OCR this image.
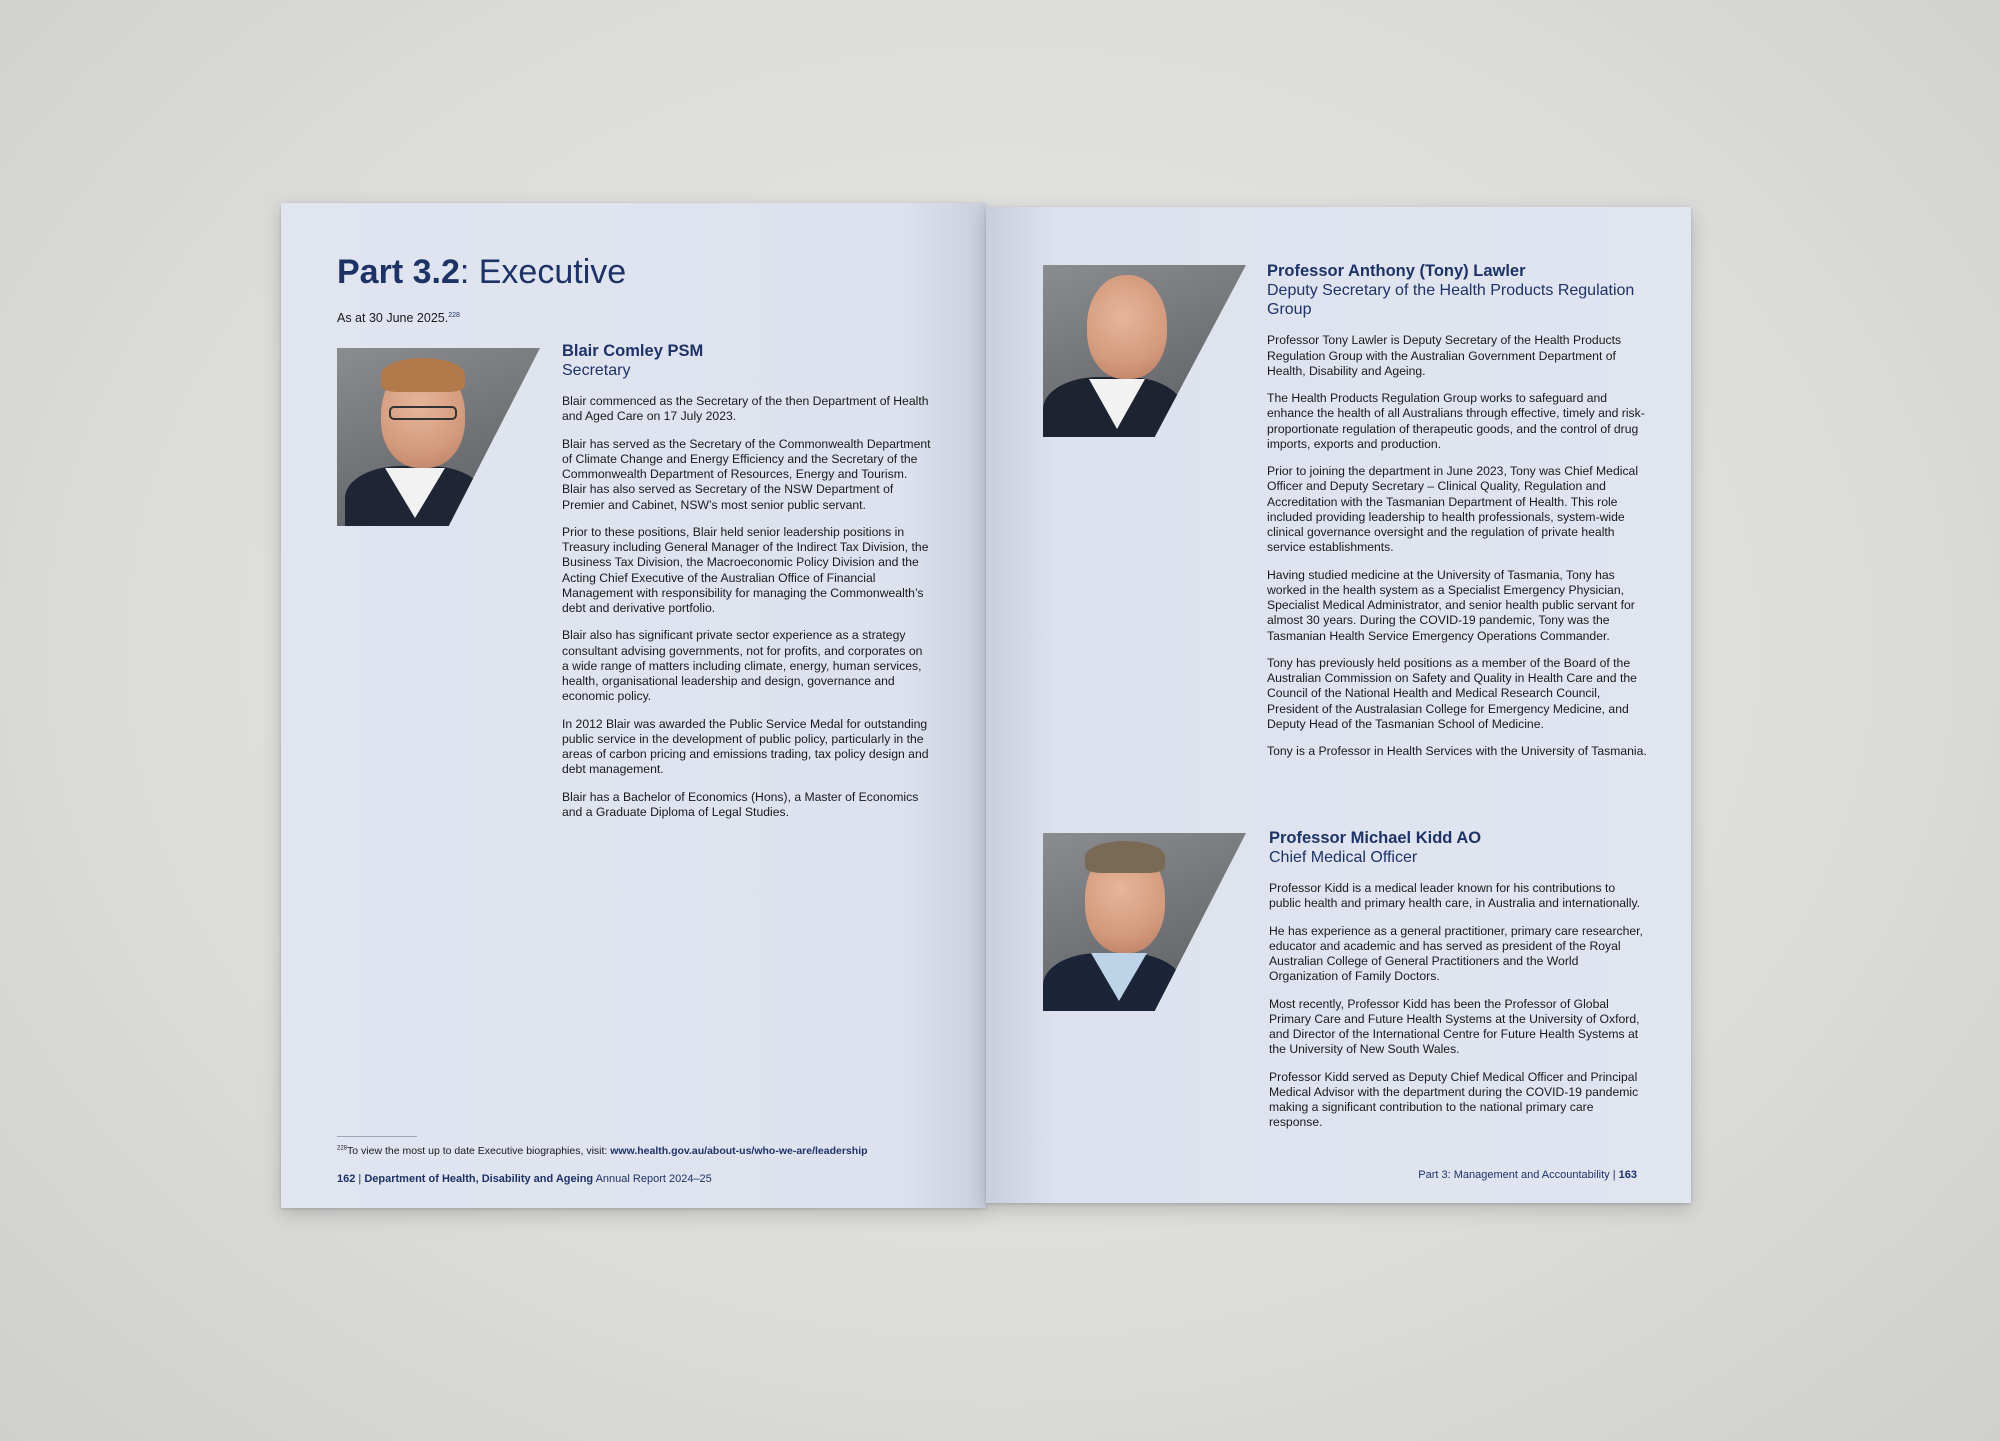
Part 3.2: Executive
As at 30 June 2025.$^{228}$
Blair Comley PSM
Secretary

Blair commenced as the Secretary of the then Department of Health and Aged Care on 17 July 2023.

Blair has served as the Secretary of the Commonwealth Department of Climate Change and Energy Efficiency and the Secretary of the Commonwealth Department of Resources, Energy and Tourism. Blair has also served as Secretary of the NSW Department of Premier and Cabinet, NSW’s most senior public servant.

Prior to these positions, Blair held senior leadership positions in Treasury including General Manager of the Indirect Tax Division, the Business Tax Division, the Macroeconomic Policy Division and the Acting Chief Executive of the Australian Office of Financial Management with responsibility for managing the Commonwealth’s debt and derivative portfolio.

Blair also has significant private sector experience as a strategy consultant advising governments, not for profits, and corporates on a wide range of matters including climate, energy, human services, health, organisational leadership and design, governance and economic policy.

In 2012 Blair was awarded the Public Service Medal for outstanding public service in the development of public policy, particularly in the areas of carbon pricing and emissions trading, tax policy design and debt management.

Blair has a Bachelor of Economics (Hons), a Master of Economics and a Graduate Diploma of Legal Studies.

$^{228}$To view the most up to date Executive biographies, visit: www.health.gov.au/about-us/who-we-are/leadership
162 | Department of Health, Disability and Ageing Annual Report 2024–25
Professor Anthony (Tony) Lawler
Deputy Secretary of the Health Products Regulation Group

Professor Tony Lawler is Deputy Secretary of the Health Products Regulation Group with the Australian Government Department of Health, Disability and Ageing.

The Health Products Regulation Group works to safeguard and enhance the health of all Australians through effective, timely and risk-proportionate regulation of therapeutic goods, and the control of drug imports, exports and production.

Prior to joining the department in June 2023, Tony was Chief Medical Officer and Deputy Secretary – Clinical Quality, Regulation and Accreditation with the Tasmanian Department of Health. This role included providing leadership to health professionals, system-wide clinical governance oversight and the regulation of private health service establishments.

Having studied medicine at the University of Tasmania, Tony has worked in the health system as a Specialist Emergency Physician, Specialist Medical Administrator, and senior health public servant for almost 30 years. During the COVID-19 pandemic, Tony was the Tasmanian Health Service Emergency Operations Commander.

Tony has previously held positions as a member of the Board of the Australian Commission on Safety and Quality in Health Care and the Council of the National Health and Medical Research Council, President of the Australasian College for Emergency Medicine, and Deputy Head of the Tasmanian School of Medicine.

Tony is a Professor in Health Services with the University of Tasmania.

Professor Michael Kidd AO
Chief Medical Officer

Professor Kidd is a medical leader known for his contributions to public health and primary health care, in Australia and internationally.

He has experience as a general practitioner, primary care researcher, educator and academic and has served as president of the Royal Australian College of General Practitioners and the World Organization of Family Doctors.

Most recently, Professor Kidd has been the Professor of Global Primary Care and Future Health Systems at the University of Oxford, and Director of the International Centre for Future Health Systems at the University of New South Wales.

Professor Kidd served as Deputy Chief Medical Officer and Principal Medical Advisor with the department during the COVID-19 pandemic making a significant contribution to the national primary care response.

Part 3: Management and Accountability | 163
